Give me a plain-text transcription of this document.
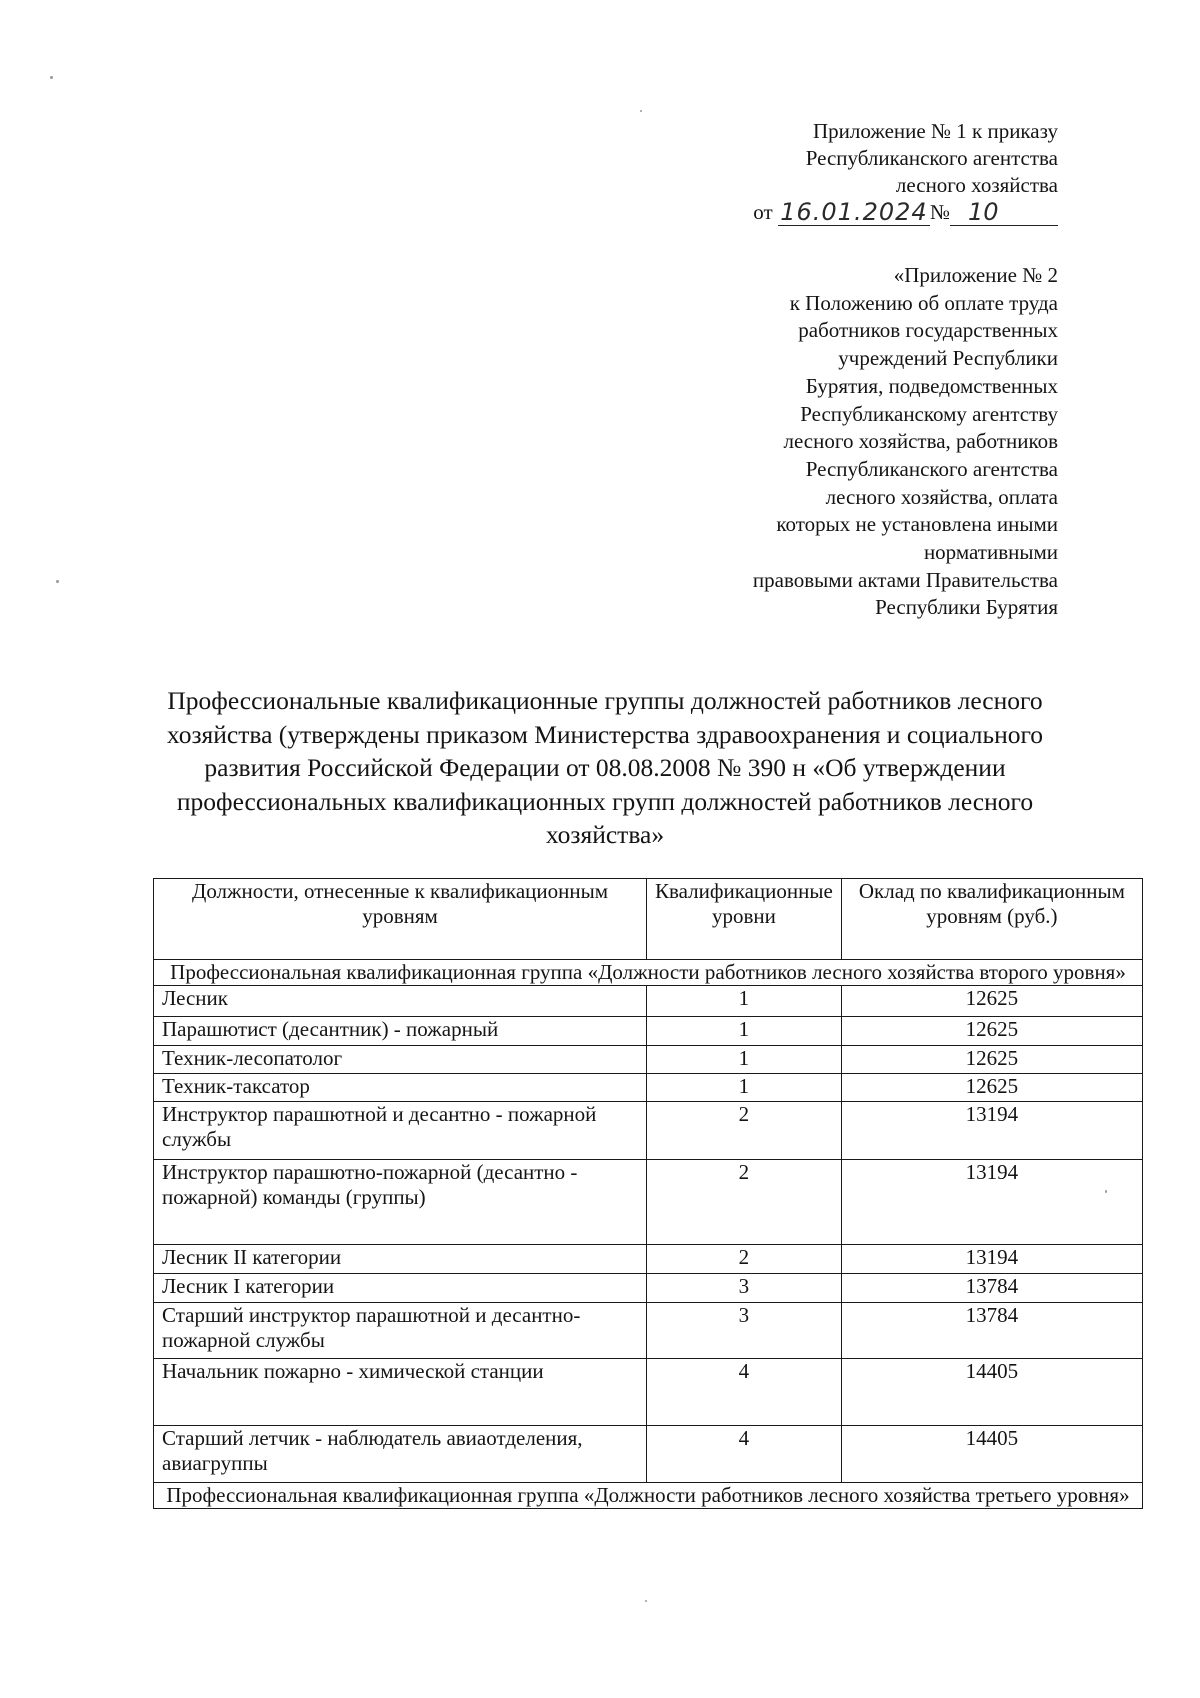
Приложение № 1 к приказу
Республиканского агентства
лесного хозяйства
от
16.01.2024 № 10

«Приложение № 2

к Положению об оплате труда

работников государственных

учреждений Республики

Бурятия, подведомственных

Республиканскому агентству

лесного хозяйства, работников

Республиканского агентства

лесного хозяйства, оплата

которых не установлена иными

нормативными

правовыми актами Правительства

Республики Бурятия

Профессиональные квалификационные группы должностей работников лесного хозяйства (утверждены приказом Министерства здравоохранения и социального развития Российской Федерации от 08.08.2008 № 390 н «Об утверждении профессиональных квалификационных групп должностей работников лесного хозяйства»
Должности, отнесенные к квалификационным уровням	Квалификационные уровни	Оклад по квалификационным уровням (руб.)
Профессиональная квалификационная группа «Должности работников лесного хозяйства второго уровня»		
Лесник	1	12625
Парашютист (десантник) - пожарный	1	12625
Техник-лесопатолог	1	12625
Техник-таксатор	1	12625
Инструктор парашютной и десантно - пожарной службы	2	13194
Инструктор парашютно-пожарной (десантно - пожарной) команды (группы)	2	13194
Лесник II категории	2	13194
Лесник I категории	3	13784
Старший инструктор парашютной и десантно-пожарной службы	3	13784
Начальник пожарно - химической станции	4	14405
Старший летчик - наблюдатель авиаотделения, авиагруппы	4	14405
Профессиональная квалификационная группа «Должности работников лесного хозяйства третьего уровня»		
